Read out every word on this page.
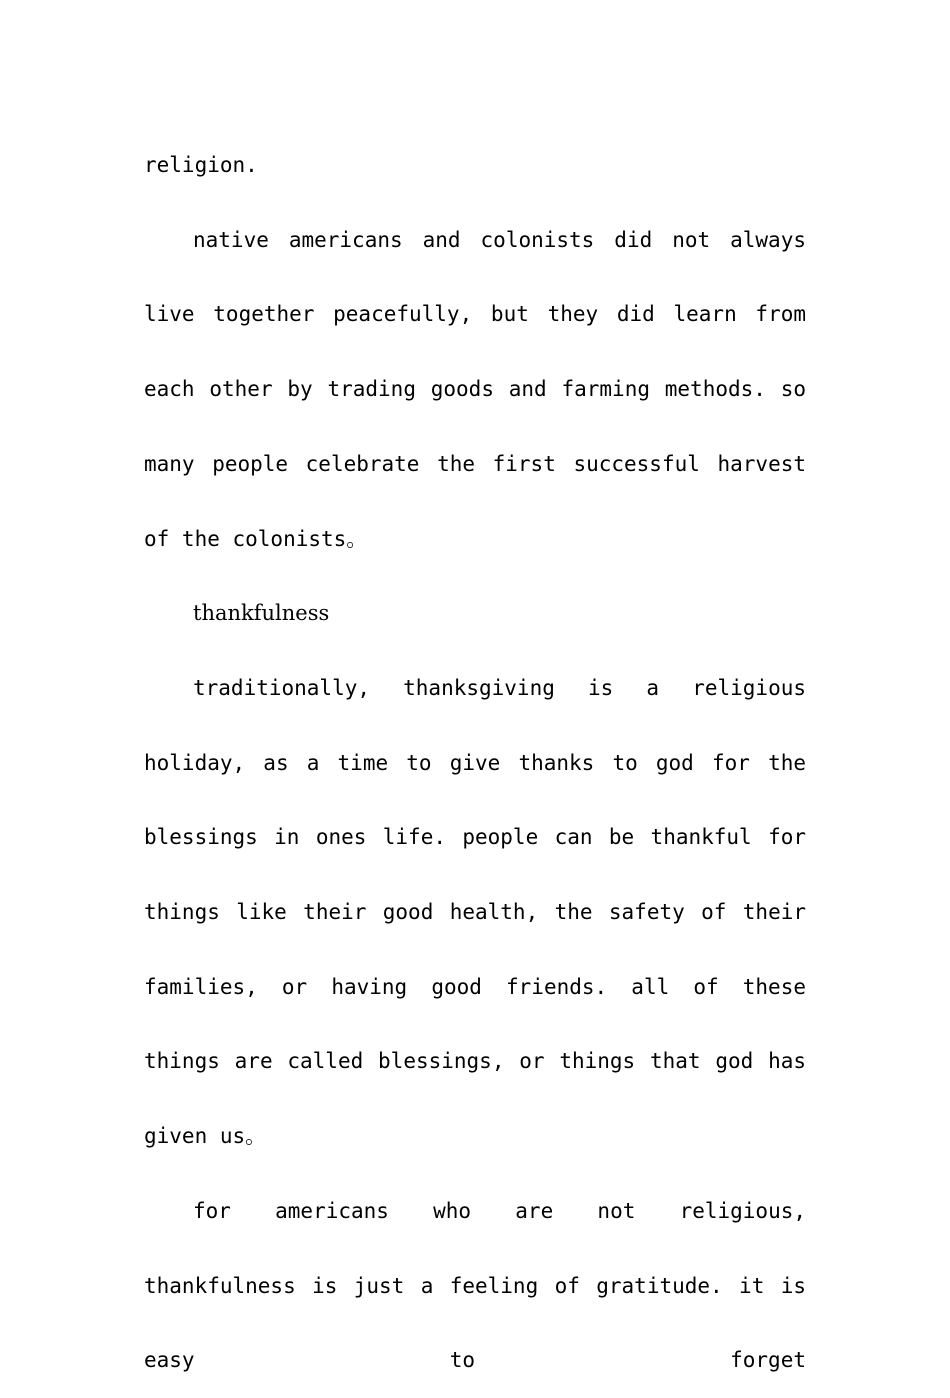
religion.

native americans and colonists did not always live together peacefully, but they did learn from each other by trading goods and farming methods. so many people celebrate the first successful harvest of the colonists。

thankfulness

traditionally, thanksgiving is a religious holiday, as a time to give thanks to god for the blessings in ones life. people can be thankful for things like their good health, the safety of their families, or having good friends. all of these things are called blessings, or things that god has given us。

for americans who are not religious, thankfulness is just a feeling of gratitude. it is easy to forget
